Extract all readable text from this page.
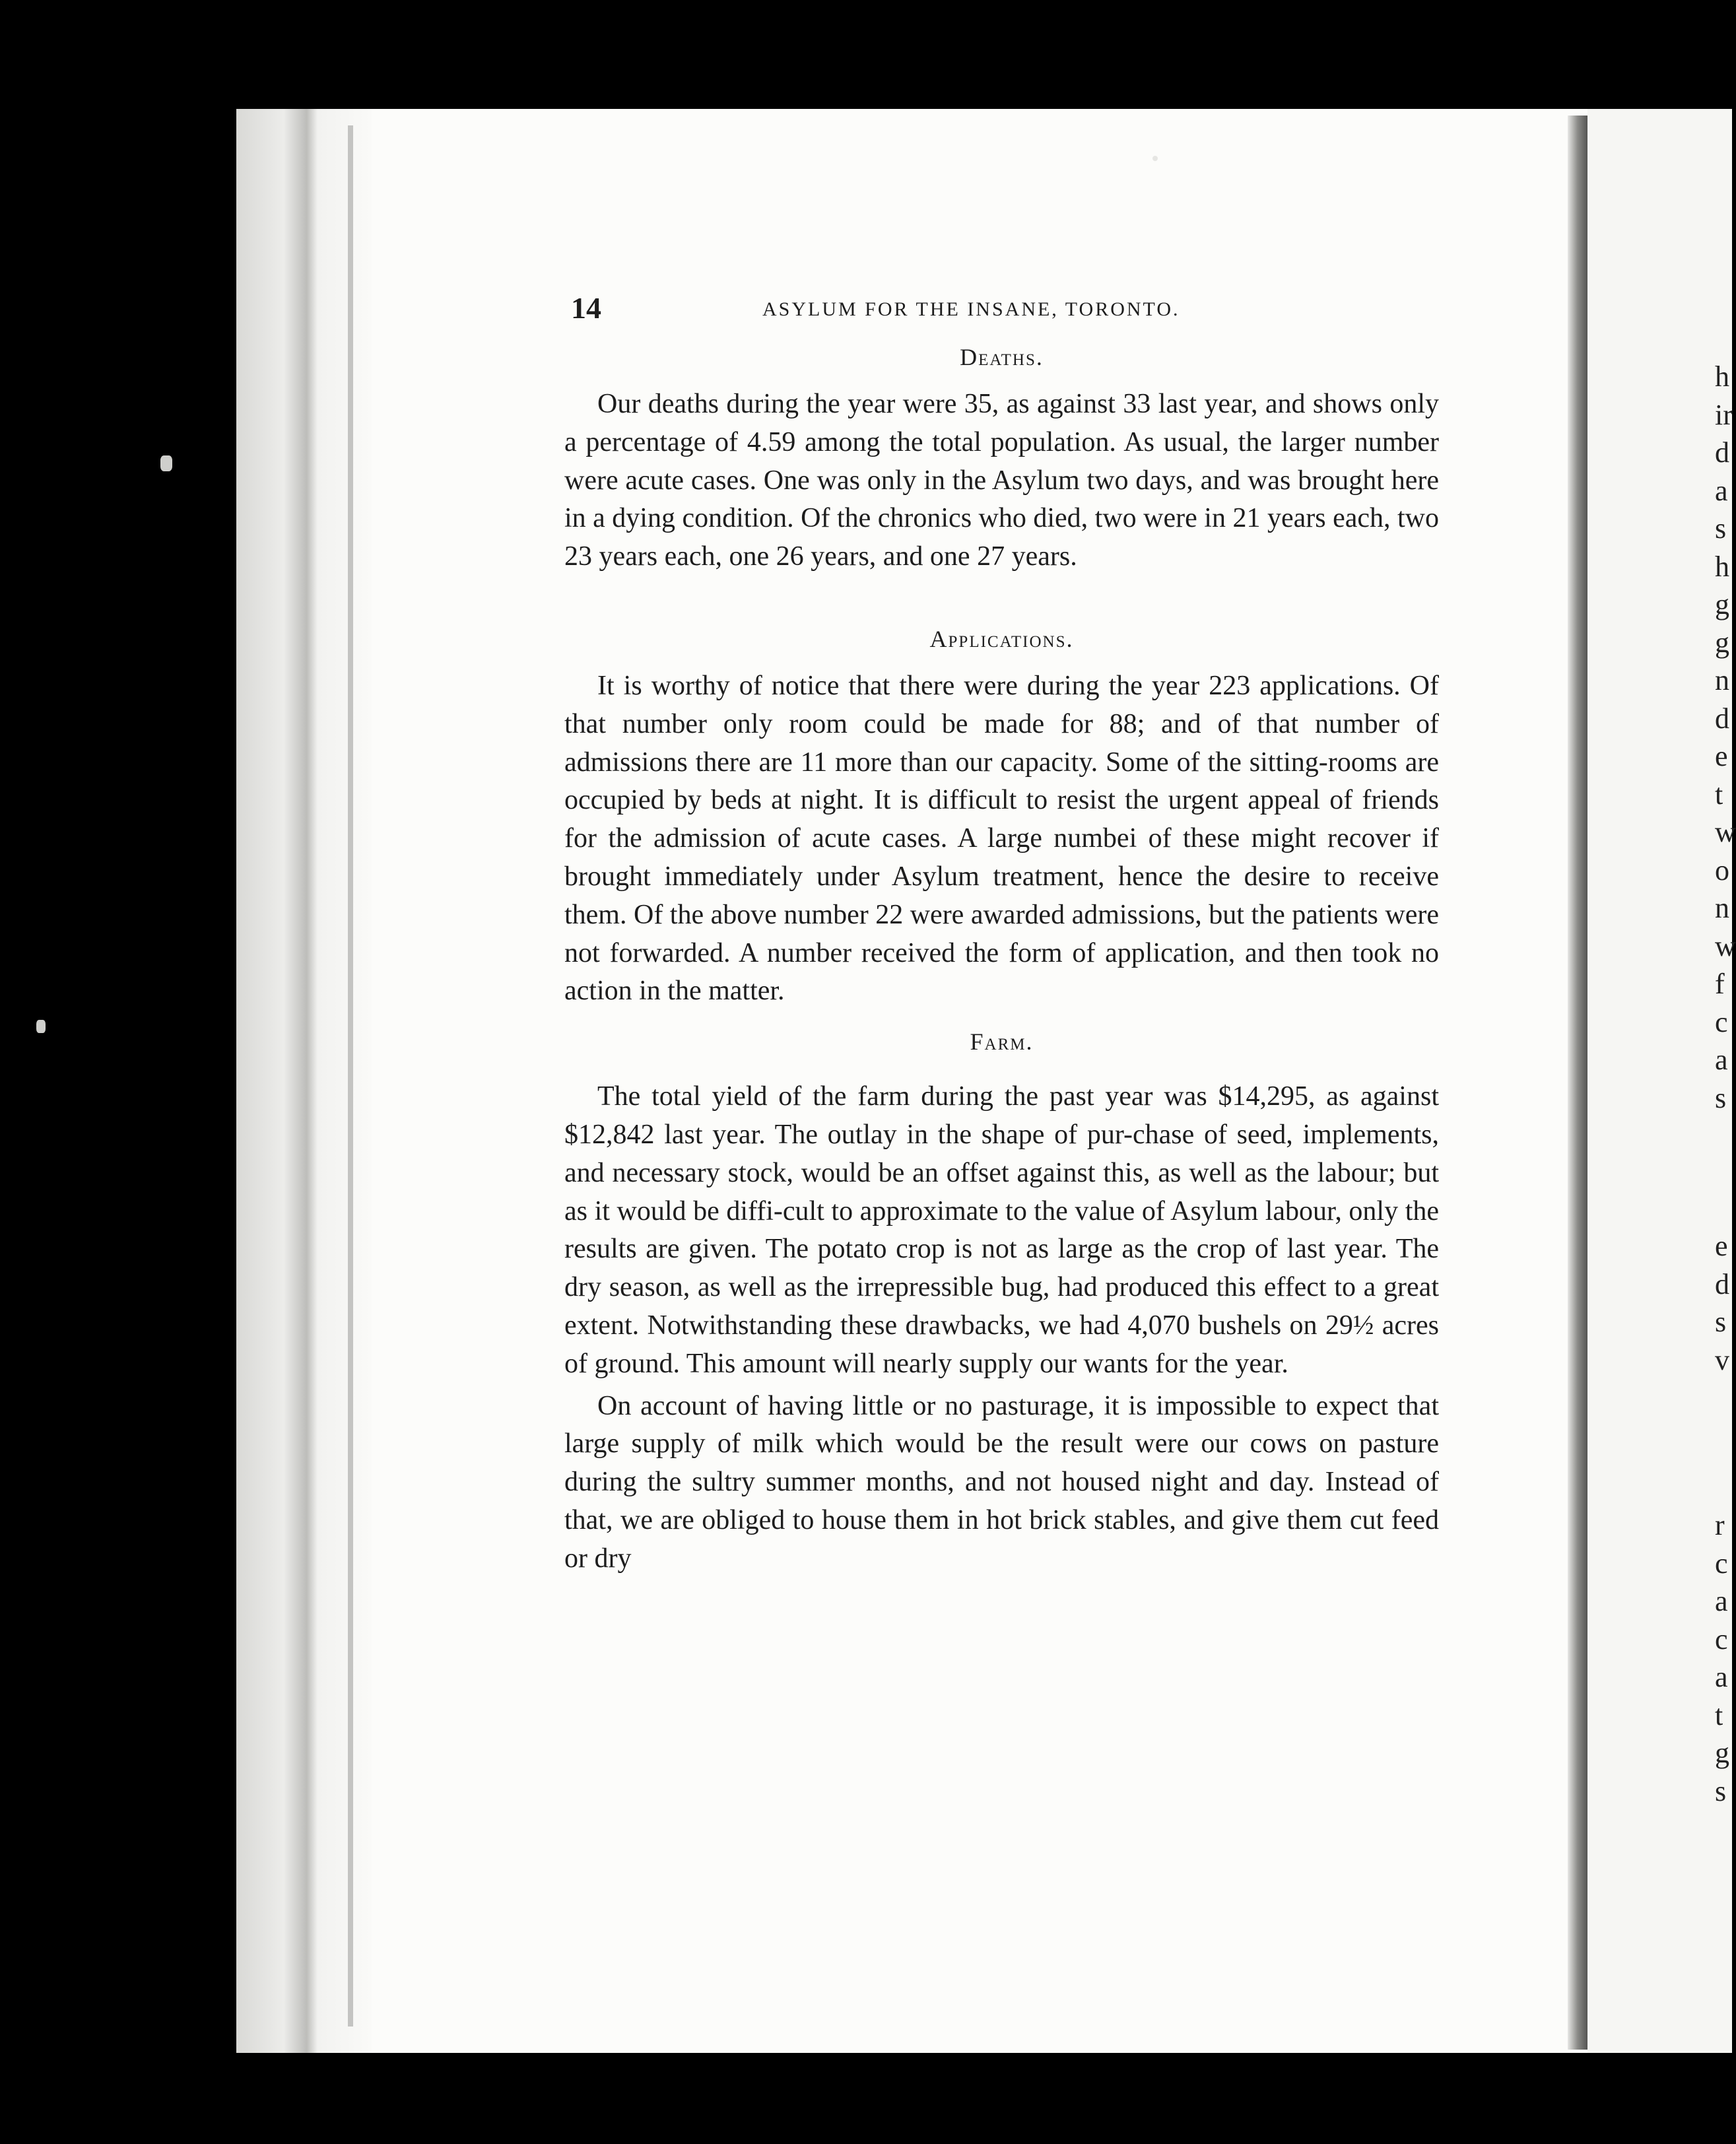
h
ir
d
a
s
h
g
g
n
d
e
t
w
o
n
w
f
c
a
s
e
d
s
v
r
c
a
c
a
t
g
s
14	ASYLUM FOR THE INSANE, TORONTO.
Deaths.

Our deaths during the year were 35, as against 33 last year, and shows only a percentage of 4.59 among the total population. As usual, the larger number were acute cases. One was only in the Asylum two days, and was brought here in a dying condition. Of the chronics who died, two were in 21 years each, two 23 years each, one 26 years, and one 27 years.

Applications.

It is worthy of notice that there were during the year 223 applications. Of that number only room could be made for 88; and of that number of admissions there are 11 more than our capacity. Some of the sitting-rooms are occupied by beds at night. It is difficult to resist the urgent appeal of friends for the admission of acute cases. A large numbei of these might recover if brought immediately under Asylum treatment, hence the desire to receive them. Of the above number 22 were awarded admissions, but the patients were not forwarded. A number received the form of application, and then took no action in the matter.

Farm.

The total yield of the farm during the past year was $14,295, as against $12,842 last year. The outlay in the shape of pur-chase of seed, implements, and necessary stock, would be an offset against this, as well as the labour; but as it would be diffi-cult to approximate to the value of Asylum labour, only the results are given. The potato crop is not as large as the crop of last year. The dry season, as well as the irrepressible bug, had produced this effect to a great extent. Notwithstanding these drawbacks, we had 4,070 bushels on 29½ acres of ground. This amount will nearly supply our wants for the year.

On account of having little or no pasturage, it is impossible to expect that large supply of milk which would be the result were our cows on pasture during the sultry summer months, and not housed night and day. Instead of that, we are obliged to house them in hot brick stables, and give them cut feed or dry
